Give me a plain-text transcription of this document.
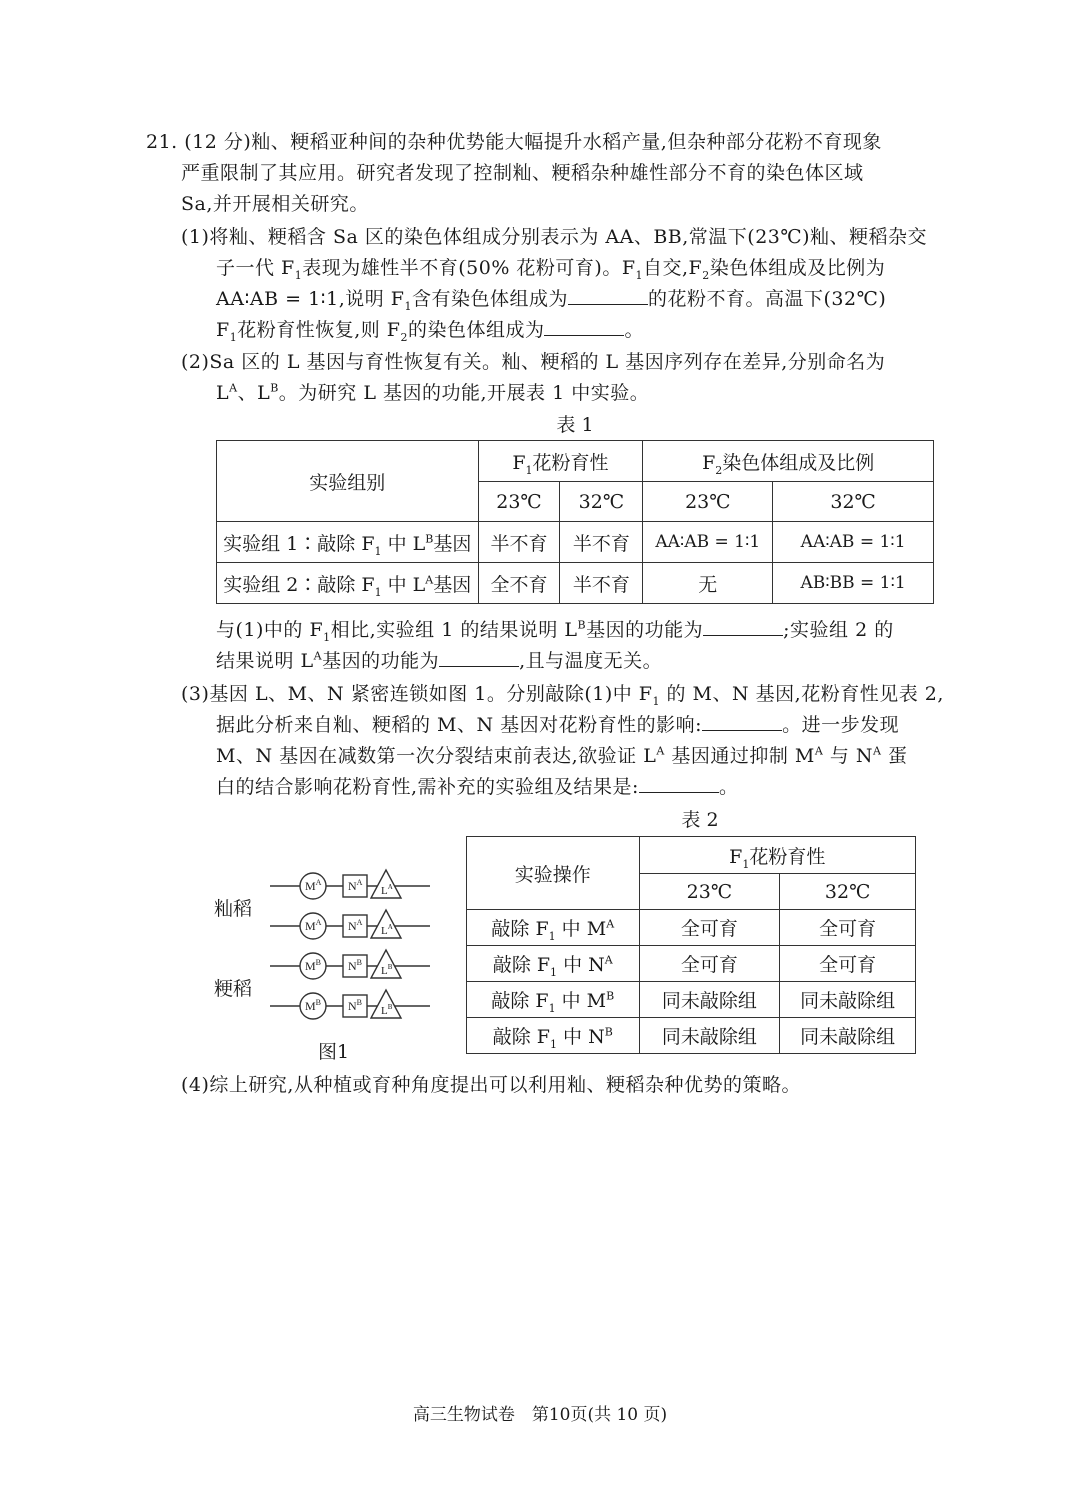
21. (12 分)籼、粳稻亚种间的杂种优势能大幅提升水稻产量,但杂种部分花粉不育现象
严重限制了其应用。研究者发现了控制籼、粳稻杂种雄性部分不育的染色体区域
Sa,并开展相关研究。
(1)将籼、粳稻含 Sa 区的染色体组成分别表示为 AA、BB,常温下(23℃)籼、粳稻杂交
子一代 $F_1$表现为雄性半不育(50% 花粉可育)。$F_1$自交$,F_2$染色体组成及比例为
AA∶AB = 1∶1,说明 $F_1$含有染色体组成为	的花粉不育。高温下(32℃)
$F_1$花粉育性恢复,则 $F_2$的染色体组成为	。
(2)Sa 区的 L 基因与育性恢复有关。籼、粳稻的 L 基因序列存在差异,分别命名为
$L^A$、$L^B$。为研究 L 基因的功能,开展表 1 中实验。
表 1
实验组别	$F_1$花粉育性		$F_2$染色体组成及比例	
	23℃	32℃	23℃	32℃
实验组 1∶敲除 $F_1$ 中 $L^B$基因	半不育	半不育	AA∶AB = 1∶1	AA∶AB = 1∶1
实验组 2∶敲除 $F_1$ 中 $L^A$基因	全不育	半不育	无	AB∶BB = 1∶1
与(1)中的 $F_1$相比,实验组 1 的结果说明 $L^B$基因的功能为	;实验组 2 的
结果说明 $L^A$基因的功能为	,且与温度无关。
(3)基因 L、M、N 紧密连锁如图 1。分别敲除(1)中 $F_1$ 的 M、N 基因,花粉育性见表 2,
据此分析来自籼、粳稻的 M、N 基因对花粉育性的影响:	。进一步发现
M、N 基因在减数第一次分裂结束前表达,欲验证 $L^A$ 基因通过抑制 $M^A$ 与 $N^A$ 蛋
白的结合影响花粉育性,需补充的实验组及结果是:	。
籼稻
粳稻
$M^A$ $N^A$
$L^A$
$M^A$ $N^A$
$L^A$
$M^B$ $N^B$
$L^B$
$M^B$ $N^B$
$L^B$
图1
表 2
实验操作	$F_1$花粉育性	
	23℃	32℃
敲除 $F_1$ 中 $M^A$	全可育	全可育
敲除 $F_1$ 中 $N^A$	全可育	全可育
敲除 $F_1$ 中 $M^B$	同未敲除组	同未敲除组
敲除 $F_1$ 中 $N^B$	同未敲除组	同未敲除组
(4)综上研究,从种植或育种角度提出可以利用籼、粳稻杂种优势的策略。
高三生物试卷　第10页(共 10 页)
